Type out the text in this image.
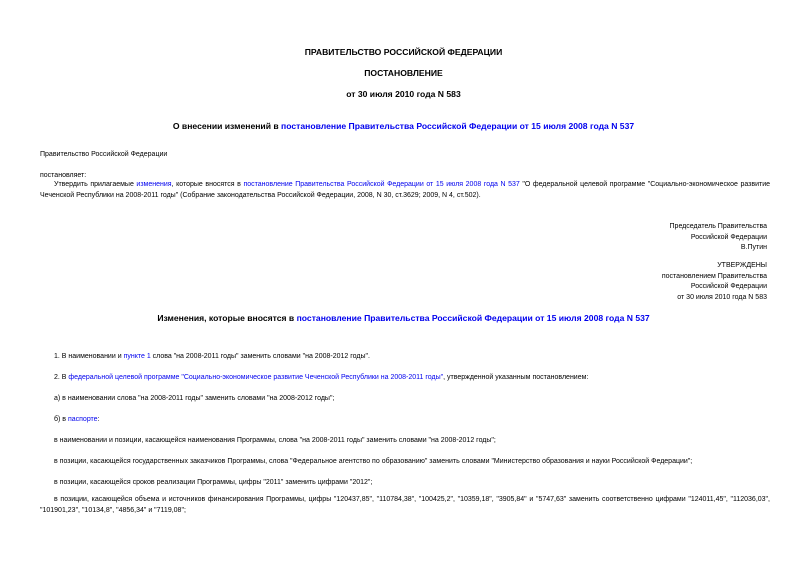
ПРАВИТЕЛЬСТВО РОССИЙСКОЙ ФЕДЕРАЦИИ
ПОСТАНОВЛЕНИЕ
от 30 июля 2010 года N 583
О внесении изменений в постановление Правительства Российской Федерации от 15 июля 2008 года N 537
Правительство Российской Федерации
постановляет:
Утвердить прилагаемые изменения, которые вносятся в постановление Правительства Российской Федерации от 15 июля 2008 года N 537 "О федеральной целевой программе "Социально-экономическое развитие Чеченской Республики на 2008-2011 годы" (Собрание законодательства Российской Федерации, 2008, N 30, ст.3629; 2009, N 4, ст.502).
Председатель Правительства
Российской Федерации
В.Путин
УТВЕРЖДЕНЫ
постановлением Правительства
Российской Федерации
от 30 июля 2010 года N 583
Изменения, которые вносятся в постановление Правительства Российской Федерации от 15 июля 2008 года N 537
1. В наименовании и пункте 1 слова "на 2008-2011 годы" заменить словами "на 2008-2012 годы".
2. В федеральной целевой программе "Социально-экономическое развитие Чеченской Республики на 2008-2011 годы", утвержденной указанным постановлением:
а) в наименовании слова "на 2008-2011 годы" заменить словами "на 2008-2012 годы";
б) в паспорте:
в наименовании и позиции, касающейся наименования Программы, слова "на 2008-2011 годы" заменить словами "на 2008-2012 годы";
в позиции, касающейся государственных заказчиков Программы, слова "Федеральное агентство по образованию" заменить словами "Министерство образования и науки Российской Федерации";
в позиции, касающейся сроков реализации Программы, цифры "2011" заменить цифрами "2012";
в позиции, касающейся объема и источников финансирования Программы, цифры "120437,85", "110784,38", "100425,2", "10359,18", "3905,84" и "5747,63" заменить соответственно цифрами "124011,45", "112036,03", "101901,23", "10134,8", "4856,34" и "7119,08";
